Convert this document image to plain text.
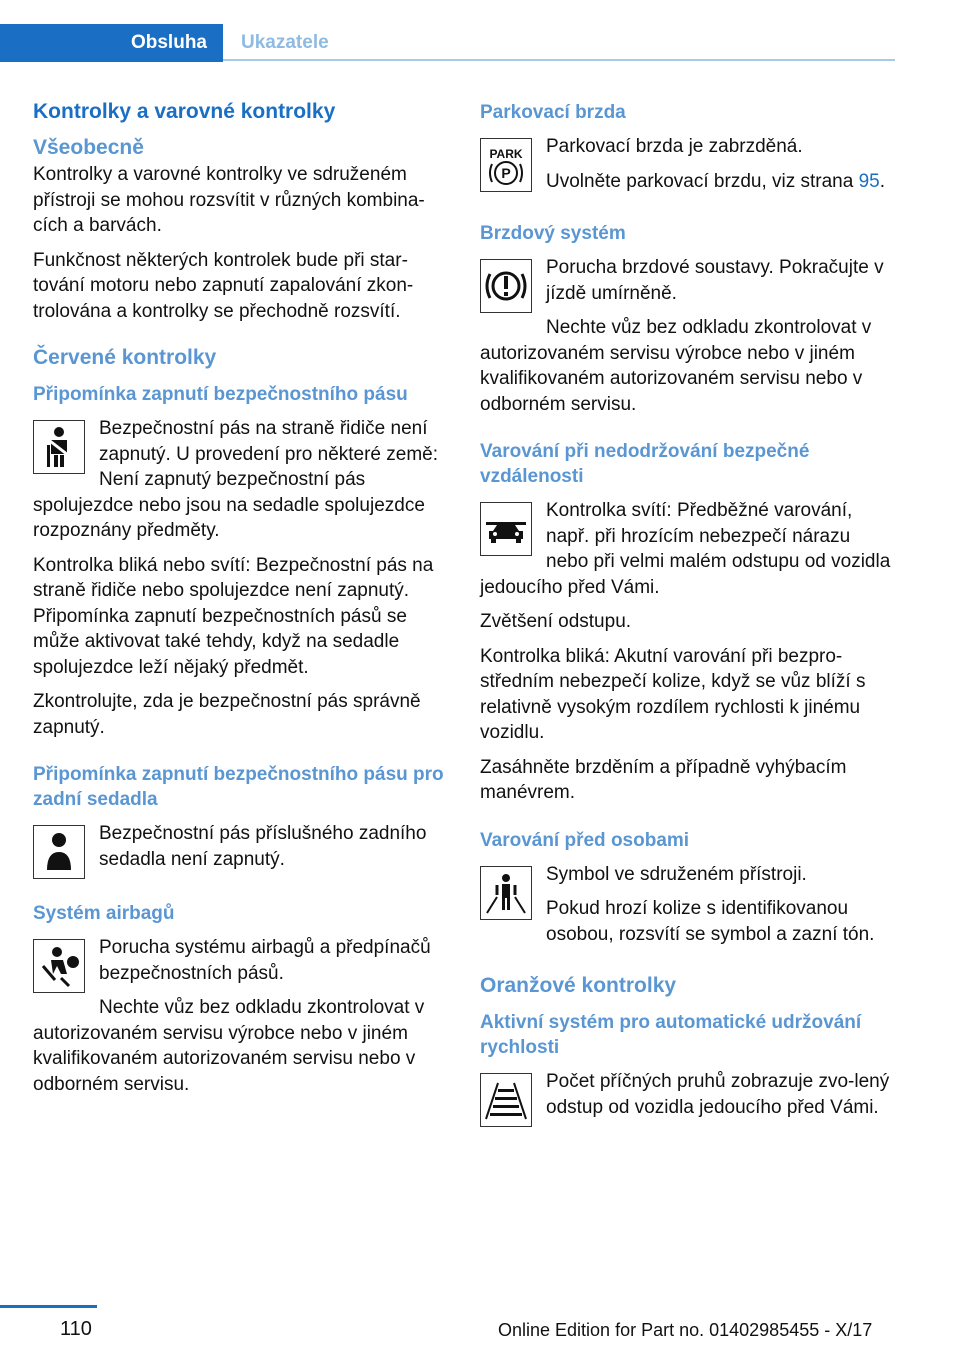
Obsluha	Ukazatele
Kontrolky a varovné kontrolky
Všeobecně

Kontrolky a varovné kontrolky ve sdruženém přístroji se mohou rozsvítit v různých kombina-cích a barvách.

Funkčnost některých kontrolek bude při star-tování motoru nebo zapnutí zapalování zkon-trolována a kontrolky se přechodně rozsvítí.

Červené kontrolky
Připomínka zapnutí bezpečnostního pásu

Bezpečnostní pás na straně řidiče není zapnutý. U provedení pro některé země: Není zapnutý bezpečnostní pás spolujezdce nebo jsou na sedadle spolujezdce rozpoznány předměty.

Kontrolka bliká nebo svítí: Bezpečnostní pás na straně řidiče nebo spolujezdce není zapnutý. Připomínka zapnutí bezpečnostních pásů se může aktivovat také tehdy, když na sedadle spolujezdce leží nějaký předmět.

Zkontrolujte, zda je bezpečnostní pás správně zapnutý.

Připomínka zapnutí bezpečnostního pásu pro zadní sedadla

Bezpečnostní pás příslušného zadního sedadla není zapnutý.

Systém airbagů

Porucha systému airbagů a předpínačů bezpečnostních pásů.

Nechte vůz bez odkladu zkontrolovat v autorizovaném servisu výrobce nebo v jiném kvalifikovaném autorizovaném servisu nebo v odborném servisu.

Parkovací brzda
PARK
P

Parkovací brzda je zabrzděná.

Uvolněte parkovací brzdu, viz strana 95.

Brzdový systém

Porucha brzdové soustavy. Pokračujte v jízdě umírněně.

Nechte vůz bez odkladu zkontrolovat v autorizovaném servisu výrobce nebo v jiném kvalifikovaném autorizovaném servisu nebo v odborném servisu.

Varování při nedodržování bezpečné vzdálenosti

Kontrolka svítí: Předběžné varování, např. při hrozícím nebezpečí nárazu nebo při velmi malém odstupu od vozidla jedoucího před Vámi.

Zvětšení odstupu.

Kontrolka bliká: Akutní varování při bezpro-středním nebezpečí kolize, když se vůz blíží s relativně vysokým rozdílem rychlosti k jinému vozidlu.

Zasáhněte brzděním a případně vyhýbacím manévrem.

Varování před osobami

Symbol ve sdruženém přístroji.

Pokud hrozí kolize s identifikovanou osobou, rozsvítí se symbol a zazní tón.

Oranžové kontrolky
Aktivní systém pro automatické udržování rychlosti

Počet příčných pruhů zobrazuje zvo-lený odstup od vozidla jedoucího před Vámi.

110	Online Edition for Part no. 01402985455 - X/17
